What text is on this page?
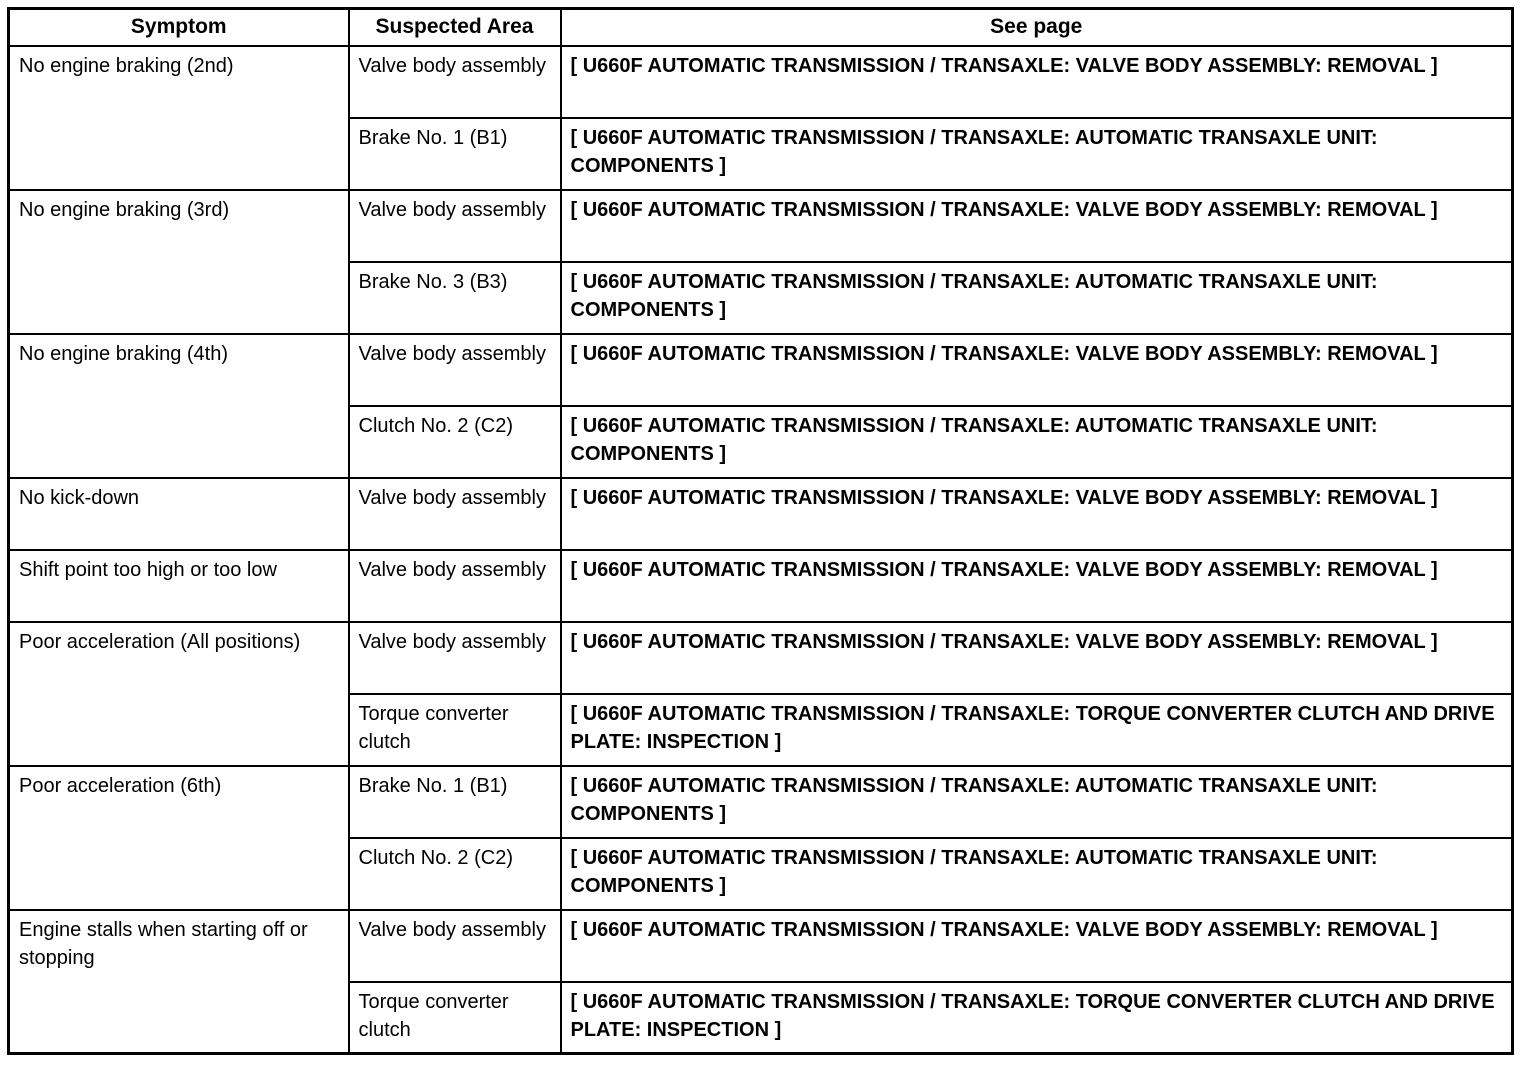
Symptom	Suspected Area	See page
No engine braking (2nd)	Valve body assembly	[ U660F AUTOMATIC TRANSMISSION / TRANSAXLE: VALVE BODY ASSEMBLY: REMOVAL ]
	Brake No. 1 (B1)	[ U660F AUTOMATIC TRANSMISSION / TRANSAXLE: AUTOMATIC TRANSAXLE UNIT: COMPONENTS ]
No engine braking (3rd)	Valve body assembly	[ U660F AUTOMATIC TRANSMISSION / TRANSAXLE: VALVE BODY ASSEMBLY: REMOVAL ]
	Brake No. 3 (B3)	[ U660F AUTOMATIC TRANSMISSION / TRANSAXLE: AUTOMATIC TRANSAXLE UNIT: COMPONENTS ]
No engine braking (4th)	Valve body assembly	[ U660F AUTOMATIC TRANSMISSION / TRANSAXLE: VALVE BODY ASSEMBLY: REMOVAL ]
	Clutch No. 2 (C2)	[ U660F AUTOMATIC TRANSMISSION / TRANSAXLE: AUTOMATIC TRANSAXLE UNIT: COMPONENTS ]
No kick-down	Valve body assembly	[ U660F AUTOMATIC TRANSMISSION / TRANSAXLE: VALVE BODY ASSEMBLY: REMOVAL ]
Shift point too high or too low	Valve body assembly	[ U660F AUTOMATIC TRANSMISSION / TRANSAXLE: VALVE BODY ASSEMBLY: REMOVAL ]
Poor acceleration (All positions)	Valve body assembly	[ U660F AUTOMATIC TRANSMISSION / TRANSAXLE: VALVE BODY ASSEMBLY: REMOVAL ]
	Torque converter clutch	[ U660F AUTOMATIC TRANSMISSION / TRANSAXLE: TORQUE CONVERTER CLUTCH AND DRIVE PLATE: INSPECTION ]
Poor acceleration (6th)	Brake No. 1 (B1)	[ U660F AUTOMATIC TRANSMISSION / TRANSAXLE: AUTOMATIC TRANSAXLE UNIT: COMPONENTS ]
	Clutch No. 2 (C2)	[ U660F AUTOMATIC TRANSMISSION / TRANSAXLE: AUTOMATIC TRANSAXLE UNIT: COMPONENTS ]
Engine stalls when starting off or stopping	Valve body assembly	[ U660F AUTOMATIC TRANSMISSION / TRANSAXLE: VALVE BODY ASSEMBLY: REMOVAL ]
	Torque converter clutch	[ U660F AUTOMATIC TRANSMISSION / TRANSAXLE: TORQUE CONVERTER CLUTCH AND DRIVE PLATE: INSPECTION ]
